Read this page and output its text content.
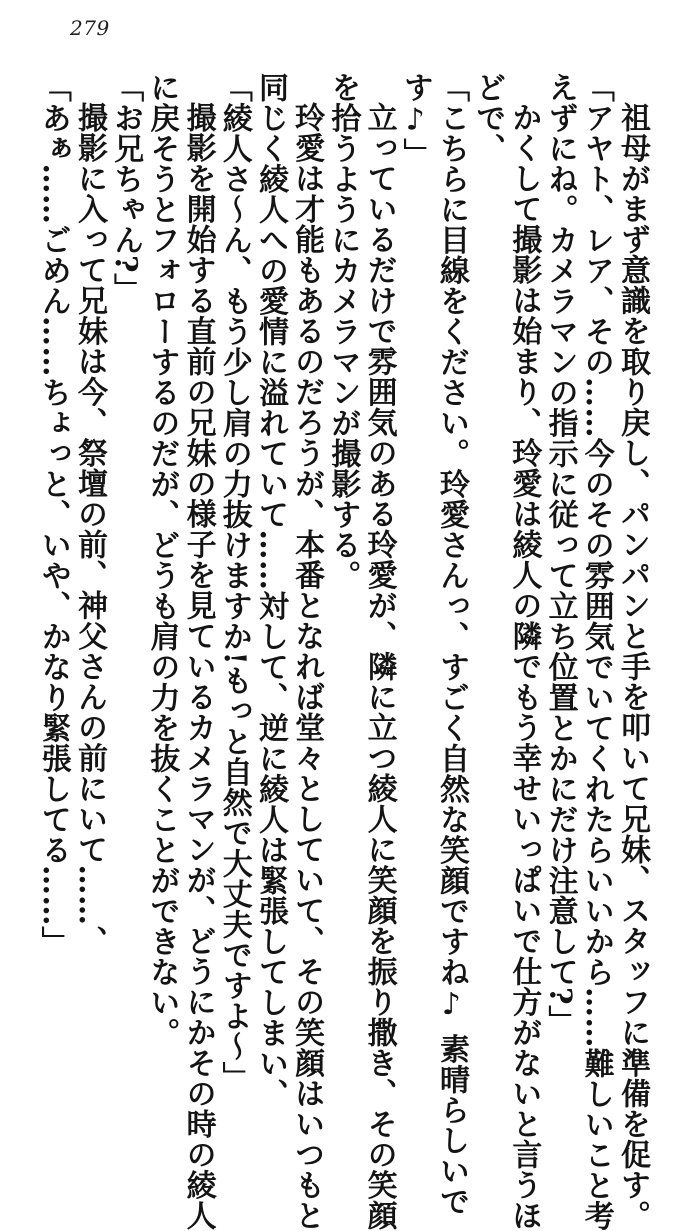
279
祖母がまず意識を取り戻し、パンパンと手を叩いて兄妹、スタッフに準備を促す。
「アヤト、レア、その……今のその雰囲気でいてくれたらいいから……難しいこと考
えずにね。カメラマンの指示に従って立ち位置とかにだけ注意して?」
かくして撮影は始まり、玲愛は綾人の隣でもう幸せいっぱいで仕方がないと言うほ
どで、
「こちらに目線をください。玲愛さんっ、すごく自然な笑顔ですね♪ 素晴らしいで
す♪」
立っているだけで雰囲気のある玲愛が、隣に立つ綾人に笑顔を振り撒き、その笑顔
を拾うようにカメラマンが撮影する。
玲愛は才能もあるのだろうが、本番となれば堂々としていて、その笑顔はいつもと
同じく綾人への愛情に溢れていて……対して、逆に綾人は緊張してしまい、
「綾人さ～ん、もう少し肩の力抜けますか!もっと自然で大丈夫ですよ～」
撮影を開始する直前の兄妹の様子を見ているカメラマンが、どうにかその時の綾人
に戻そうとフォローするのだが、どうも肩の力を抜くことができない。
「お兄ちゃん?」
撮影に入って兄妹は今、祭壇の前、神父さんの前にいて……、
「あぁ……ごめん……ちょっと、いや、かなり緊張してる……」
